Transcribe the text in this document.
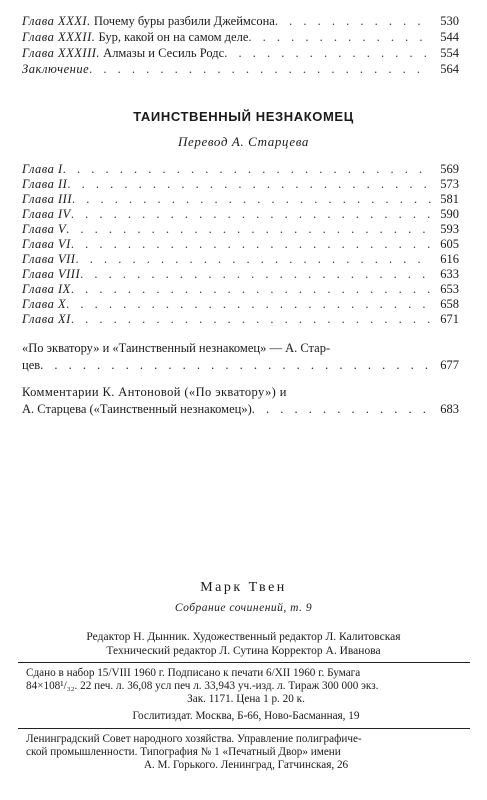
Глава XXXI. Почему буры разбили Джеймсона . . .	530
Глава XXXII. Бур, какой он на самом деле . . .	544
Глава XXXIII. Алмазы и Сесиль Родс . . .	554
Заключение . . .	564
ТАИНСТВЕННЫЙ НЕЗНАКОМЕЦ
Перевод А. Старцева
Глава I . . .	569
Глава II . . .	573
Глава III . . .	581
Глава IV . . .	590
Глава V . . .	593
Глава VI . . .	605
Глава VII . . .	616
Глава VIII . . .	633
Глава IX . . .	653
Глава X . . .	658
Глава XI . . .	671
«По экватору» и «Таинственный незнакомец» — А. Стар-
цев . . .	677
Комментарии К. Антоновой («По экватору») и
А. Старцева («Таинственный незнакомец») . . .	683
Марк Твен
Собрание сочинений, т. 9
Редактор Н. Дынник. Художественный редактор Л. Калитовская
Технический редактор Л. Сутина Корректор А. Иванова
Сдано в набор 15/VIII 1960 г. Подписано к печати 6/XII 1960 г. Бумага
84×108¹/₃₂. 22 печ. л. 36,08 усл печ л. 33,943 уч.-изд. л. Тираж 300 000 экз.
Зак. 1171. Цена 1 р. 20 к.
Гослитиздат. Москва, Б-66, Ново-Басманная, 19
Ленинградский Совет народного хозяйства. Управление полиграфиче-
ской промышленности. Типография № 1 «Печатный Двор» имени
А. М. Горького. Ленинград, Гатчинская, 26
